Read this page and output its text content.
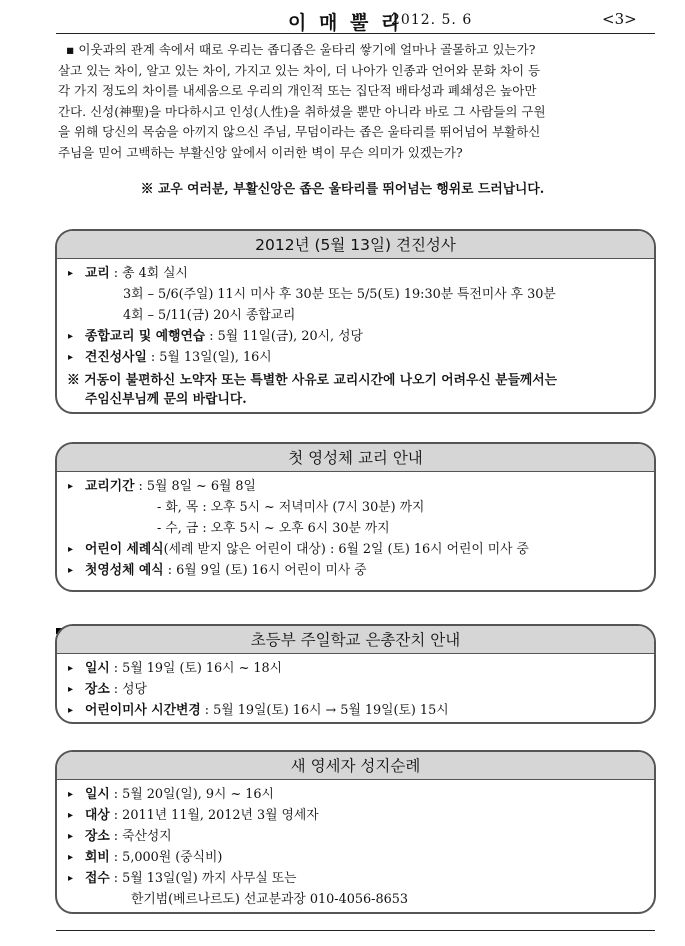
이 매 뿔 리
2012. 5. 6	<3>
▪ 이웃과의 관계 속에서 때로 우리는 좁디좁은 울타리 쌓기에 얼마나 골몰하고 있는가?
살고 있는 차이, 알고 있는 차이, 가지고 있는 차이, 더 나아가 인종과 언어와 문화 차이 등
각 가지 정도의 차이를 내세움으로 우리의 개인적 또는 집단적 배타성과 폐쇄성은 높아만
간다. 신성(神聖)을 마다하시고 인성(人性)을 취하셨을 뿐만 아니라 바로 그 사람들의 구원
을 위해 당신의 목숨을 아끼지 않으신 주님, 무덤이라는 좁은 울타리를 뛰어넘어 부활하신
주님을 믿어 고백하는 부활신앙 앞에서 이러한 벽이 무슨 의미가 있겠는가?
※ 교우 여러분, 부활신앙은 좁은 울타리를 뛰어넘는 행위로 드러납니다.
2012년 (5월 13일) 견진성사
▸ 교리 : 총 4회 실시
3회 – 5/6(주일) 11시 미사 후 30분 또는 5/5(토) 19:30분 특전미사 후 30분
4회 – 5/11(금) 20시 종합교리
▸ 종합교리 및 예행연습 : 5월 11일(금), 20시, 성당
▸ 견진성사일 : 5월 13일(일), 16시
※ 거동이 불편하신 노약자 또는 특별한 사유로 교리시간에 나오기 어려우신 분들께서는
주임신부님께 문의 바랍니다.
첫 영성체 교리 안내
▸ 교리기간 : 5월 8일 ~ 6월 8일
- 화, 목 : 오후 5시 ~ 저녁미사 (7시 30분) 까지
- 수, 금 : 오후 5시 ~ 오후 6시 30분 까지
▸ 어린이 세례식(세례 받지 않은 어린이 대상) : 6월 2일 (토) 16시 어린이 미사 중
▸ 첫영성체 예식 : 6월 9일 (토) 16시 어린이 미사 중
초등부 주일학교 은총잔치 안내
▸ 일시 : 5월 19일 (토) 16시 ~ 18시
▸ 장소 : 성당
▸ 어린이미사 시간변경 : 5월 19일(토) 16시 → 5월 19일(토) 15시
새 영세자 성지순례
▸ 일시 : 5월 20일(일), 9시 ~ 16시
▸ 대상 : 2011년 11월, 2012년 3월 영세자
▸ 장소 : 죽산성지
▸ 회비 : 5,000원 (중식비)
▸ 접수 : 5월 13일(일) 까지 사무실 또는
한기범(베르나르도) 선교분과장 010-4056-8653
